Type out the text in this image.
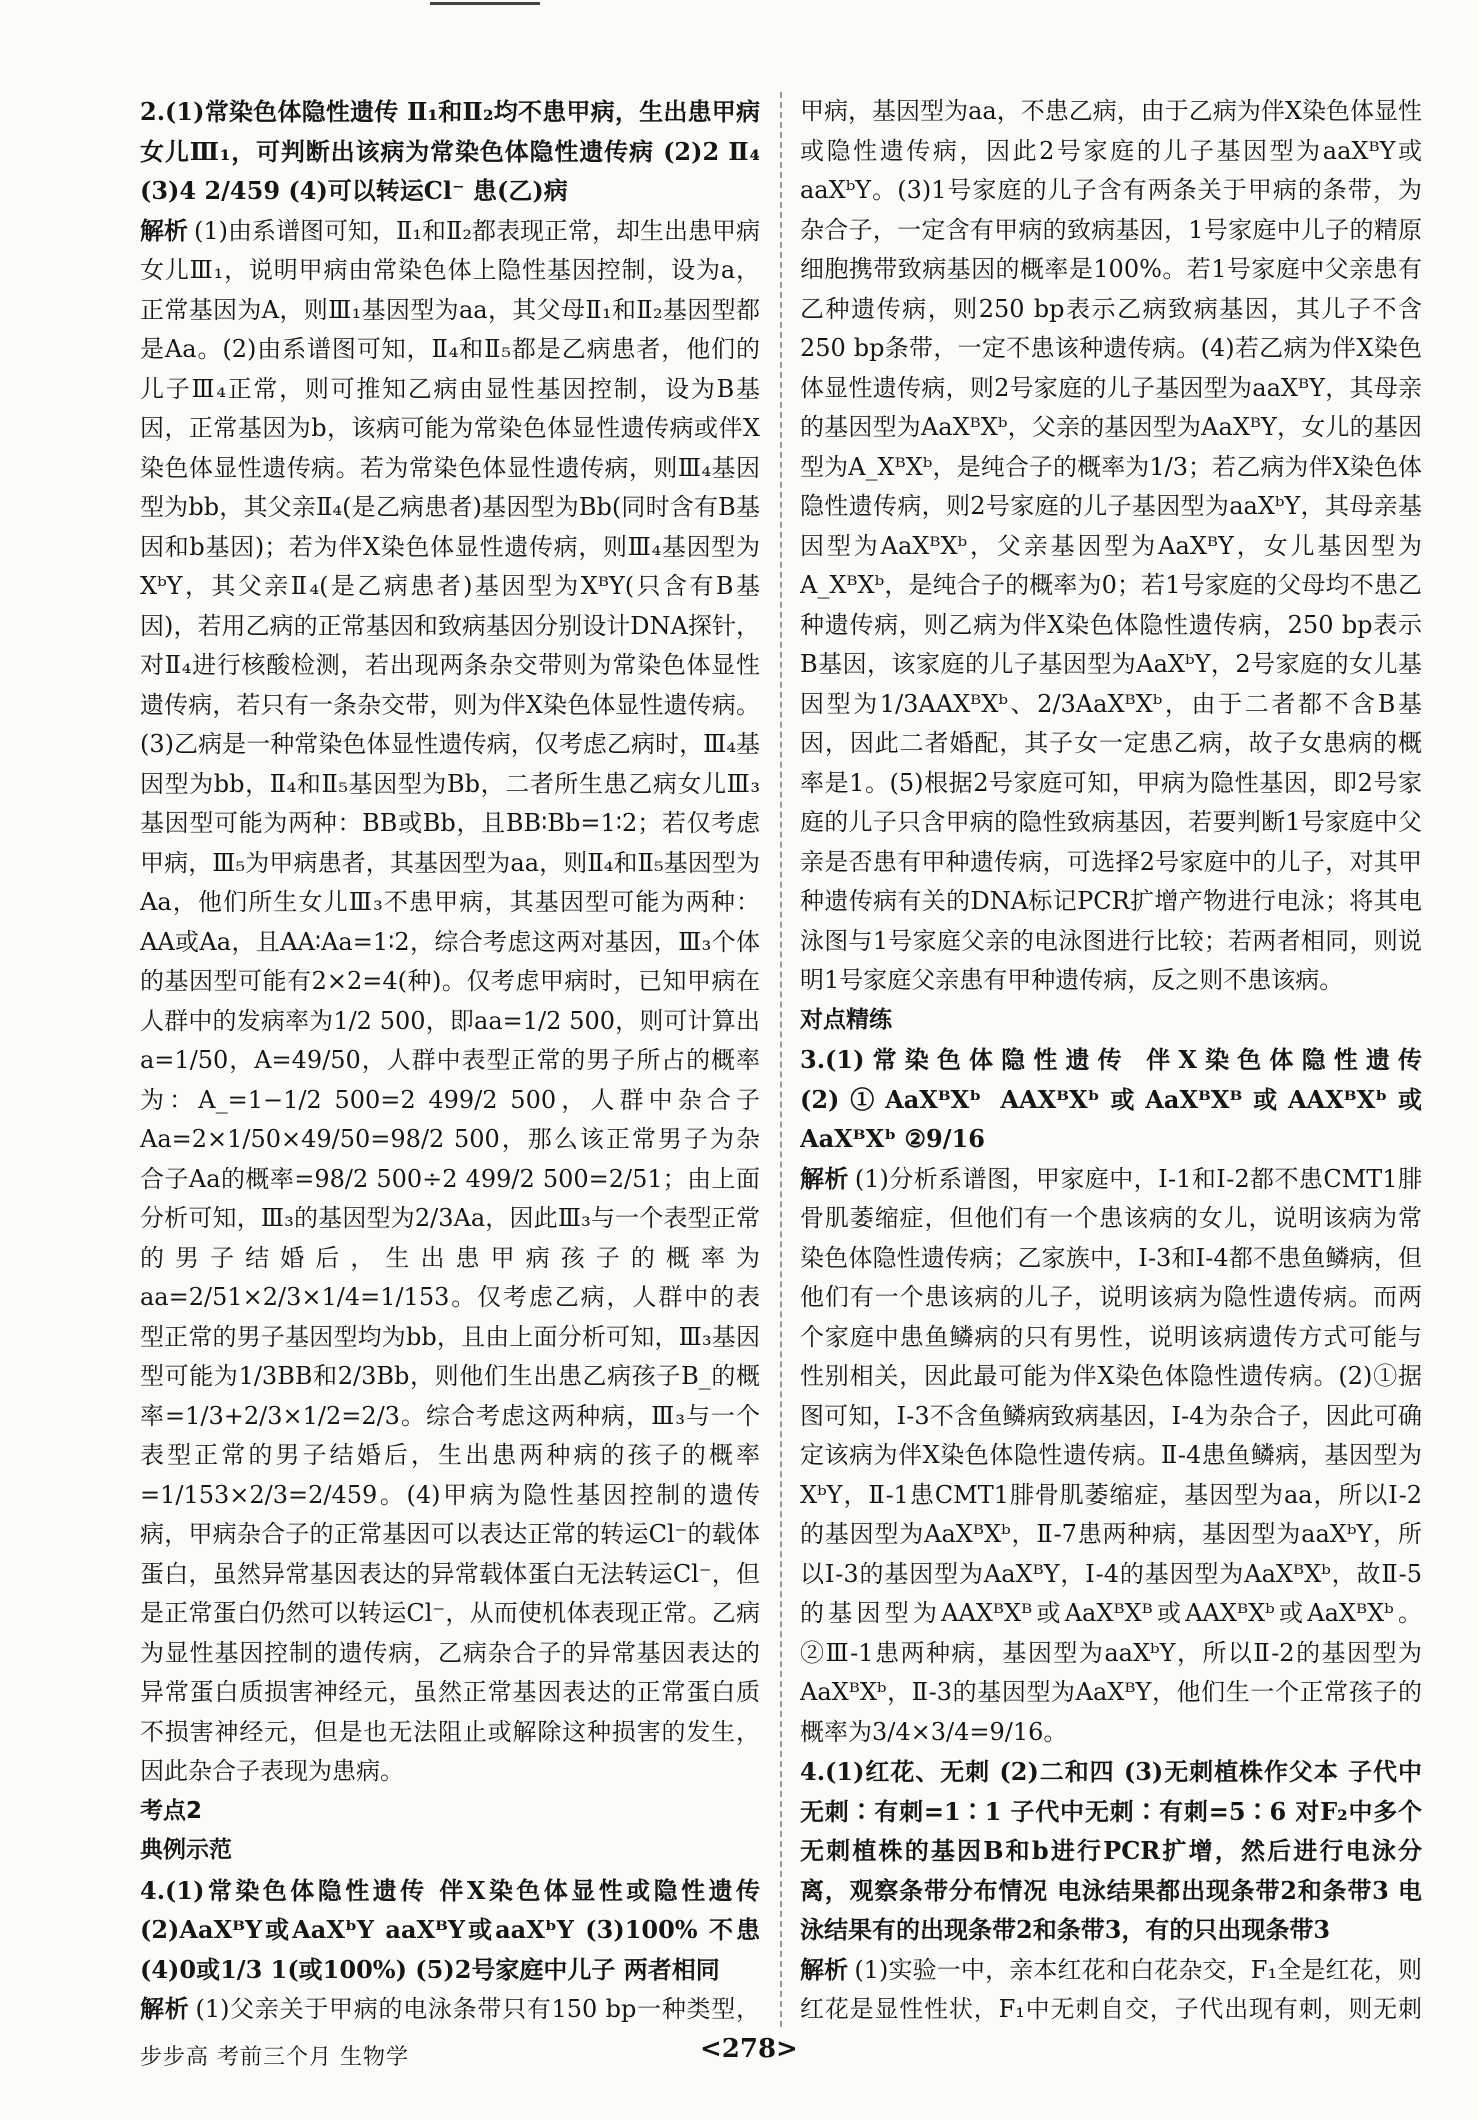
2.(1)常染色体隐性遗传 Ⅱ₁和Ⅱ₂均不患甲病，生出患甲病女儿Ⅲ₁，可判断出该病为常染色体隐性遗传病 (2)2 Ⅱ₄ (3)4 2/459 (4)可以转运Cl⁻ 患(乙)病

解析 (1)由系谱图可知，Ⅱ₁和Ⅱ₂都表现正常，却生出患甲病女儿Ⅲ₁，说明甲病由常染色体上隐性基因控制，设为a，正常基因为A，则Ⅲ₁基因型为aa，其父母Ⅱ₁和Ⅱ₂基因型都是Aa。(2)由系谱图可知，Ⅱ₄和Ⅱ₅都是乙病患者，他们的儿子Ⅲ₄正常，则可推知乙病由显性基因控制，设为B基因，正常基因为b，该病可能为常染色体显性遗传病或伴X染色体显性遗传病。若为常染色体显性遗传病，则Ⅲ₄基因型为bb，其父亲Ⅱ₄(是乙病患者)基因型为Bb(同时含有B基因和b基因)；若为伴X染色体显性遗传病，则Ⅲ₄基因型为XᵇY，其父亲Ⅱ₄(是乙病患者)基因型为XᴮY(只含有B基因)，若用乙病的正常基因和致病基因分别设计DNA探针，对Ⅱ₄进行核酸检测，若出现两条杂交带则为常染色体显性遗传病，若只有一条杂交带，则为伴X染色体显性遗传病。(3)乙病是一种常染色体显性遗传病，仅考虑乙病时，Ⅲ₄基因型为bb，Ⅱ₄和Ⅱ₅基因型为Bb，二者所生患乙病女儿Ⅲ₃基因型可能为两种：BB或Bb，且BB∶Bb=1∶2；若仅考虑甲病，Ⅲ₅为甲病患者，其基因型为aa，则Ⅱ₄和Ⅱ₅基因型为Aa，他们所生女儿Ⅲ₃不患甲病，其基因型可能为两种：AA或Aa，且AA∶Aa=1∶2，综合考虑这两对基因，Ⅲ₃个体的基因型可能有2×2=4(种)。仅考虑甲病时，已知甲病在人群中的发病率为1/2 500，即aa=1/2 500，则可计算出a=1/50，A=49/50，人群中表型正常的男子所占的概率为：A_=1−1/2 500=2 499/2 500，人群中杂合子Aa=2×1/50×49/50=98/2 500，那么该正常男子为杂合子Aa的概率=98/2 500÷2 499/2 500=2/51；由上面分析可知，Ⅲ₃的基因型为2/3Aa，因此Ⅲ₃与一个表型正常的男子结婚后，生出患甲病孩子的概率为aa=2/51×2/3×1/4=1/153。仅考虑乙病，人群中的表型正常的男子基因型均为bb，且由上面分析可知，Ⅲ₃基因型可能为1/3BB和2/3Bb，则他们生出患乙病孩子B_的概率=1/3+2/3×1/2=2/3。综合考虑这两种病，Ⅲ₃与一个表型正常的男子结婚后，生出患两种病的孩子的概率=1/153×2/3=2/459。(4)甲病为隐性基因控制的遗传病，甲病杂合子的正常基因可以表达正常的转运Cl⁻的载体蛋白，虽然异常基因表达的异常载体蛋白无法转运Cl⁻，但是正常蛋白仍然可以转运Cl⁻，从而使机体表现正常。乙病为显性基因控制的遗传病，乙病杂合子的异常基因表达的异常蛋白质损害神经元，虽然正常基因表达的正常蛋白质不损害神经元，但是也无法阻止或解除这种损害的发生，因此杂合子表现为患病。

考点2

典例示范

4.(1)常染色体隐性遗传 伴X染色体显性或隐性遗传 (2)AaXᴮY或AaXᵇY aaXᴮY或aaXᵇY (3)100% 不患 (4)0或1/3 1(或100%) (5)2号家庭中儿子 两者相同

解析 (1)父亲关于甲病的电泳条带只有150 bp一种类型，

甲病，基因型为aa，不患乙病，由于乙病为伴X染色体显性或隐性遗传病，因此2号家庭的儿子基因型为aaXᴮY或aaXᵇY。(3)1号家庭的儿子含有两条关于甲病的条带，为杂合子，一定含有甲病的致病基因，1号家庭中儿子的精原细胞携带致病基因的概率是100%。若1号家庭中父亲患有乙种遗传病，则250 bp表示乙病致病基因，其儿子不含250 bp条带，一定不患该种遗传病。(4)若乙病为伴X染色体显性遗传病，则2号家庭的儿子基因型为aaXᴮY，其母亲的基因型为AaXᴮXᵇ，父亲的基因型为AaXᴮY，女儿的基因型为A_XᴮXᵇ，是纯合子的概率为1/3；若乙病为伴X染色体隐性遗传病，则2号家庭的儿子基因型为aaXᵇY，其母亲基因型为AaXᴮXᵇ，父亲基因型为AaXᴮY，女儿基因型为A_XᴮXᵇ，是纯合子的概率为0；若1号家庭的父母均不患乙种遗传病，则乙病为伴X染色体隐性遗传病，250 bp表示B基因，该家庭的儿子基因型为AaXᵇY，2号家庭的女儿基因型为1/3AAXᴮXᵇ、2/3AaXᴮXᵇ，由于二者都不含B基因，因此二者婚配，其子女一定患乙病，故子女患病的概率是1。(5)根据2号家庭可知，甲病为隐性基因，即2号家庭的儿子只含甲病的隐性致病基因，若要判断1号家庭中父亲是否患有甲种遗传病，可选择2号家庭中的儿子，对其甲种遗传病有关的DNA标记PCR扩增产物进行电泳；将其电泳图与1号家庭父亲的电泳图进行比较；若两者相同，则说明1号家庭父亲患有甲种遗传病，反之则不患该病。

对点精练

3.(1)常染色体隐性遗传 伴X染色体隐性遗传 (2)①AaXᴮXᵇ AAXᴮXᵇ或AaXᴮXᴮ或AAXᴮXᵇ或AaXᴮXᵇ ②9/16

解析 (1)分析系谱图，甲家庭中，Ⅰ-1和Ⅰ-2都不患CMT1腓骨肌萎缩症，但他们有一个患该病的女儿，说明该病为常染色体隐性遗传病；乙家族中，Ⅰ-3和Ⅰ-4都不患鱼鳞病，但他们有一个患该病的儿子，说明该病为隐性遗传病。而两个家庭中患鱼鳞病的只有男性，说明该病遗传方式可能与性别相关，因此最可能为伴X染色体隐性遗传病。(2)①据图可知，Ⅰ-3不含鱼鳞病致病基因，Ⅰ-4为杂合子，因此可确定该病为伴X染色体隐性遗传病。Ⅱ-4患鱼鳞病，基因型为XᵇY，Ⅱ-1患CMT1腓骨肌萎缩症，基因型为aa，所以Ⅰ-2的基因型为AaXᴮXᵇ，Ⅱ-7患两种病，基因型为aaXᵇY，所以Ⅰ-3的基因型为AaXᴮY，Ⅰ-4的基因型为AaXᴮXᵇ，故Ⅱ-5的基因型为AAXᴮXᴮ或AaXᴮXᴮ或AAXᴮXᵇ或AaXᴮXᵇ。②Ⅲ-1患两种病，基因型为aaXᵇY，所以Ⅱ-2的基因型为AaXᴮXᵇ，Ⅱ-3的基因型为AaXᴮY，他们生一个正常孩子的概率为3/4×3/4=9/16。

4.(1)红花、无刺 (2)二和四 (3)无刺植株作父本 子代中无刺∶有刺=1∶1 子代中无刺∶有刺=5∶6 对F₂中多个无刺植株的基因B和b进行PCR扩增，然后进行电泳分离，观察条带分布情况 电泳结果都出现条带2和条带3 电泳结果有的出现条带2和条带3，有的只出现条带3

解析 (1)实验一中，亲本红花和白花杂交，F₁全是红花，则红花是显性性状，F₁中无刺自交，子代出现有刺，则无刺

步步高 考前三个月 生物学	<278>
